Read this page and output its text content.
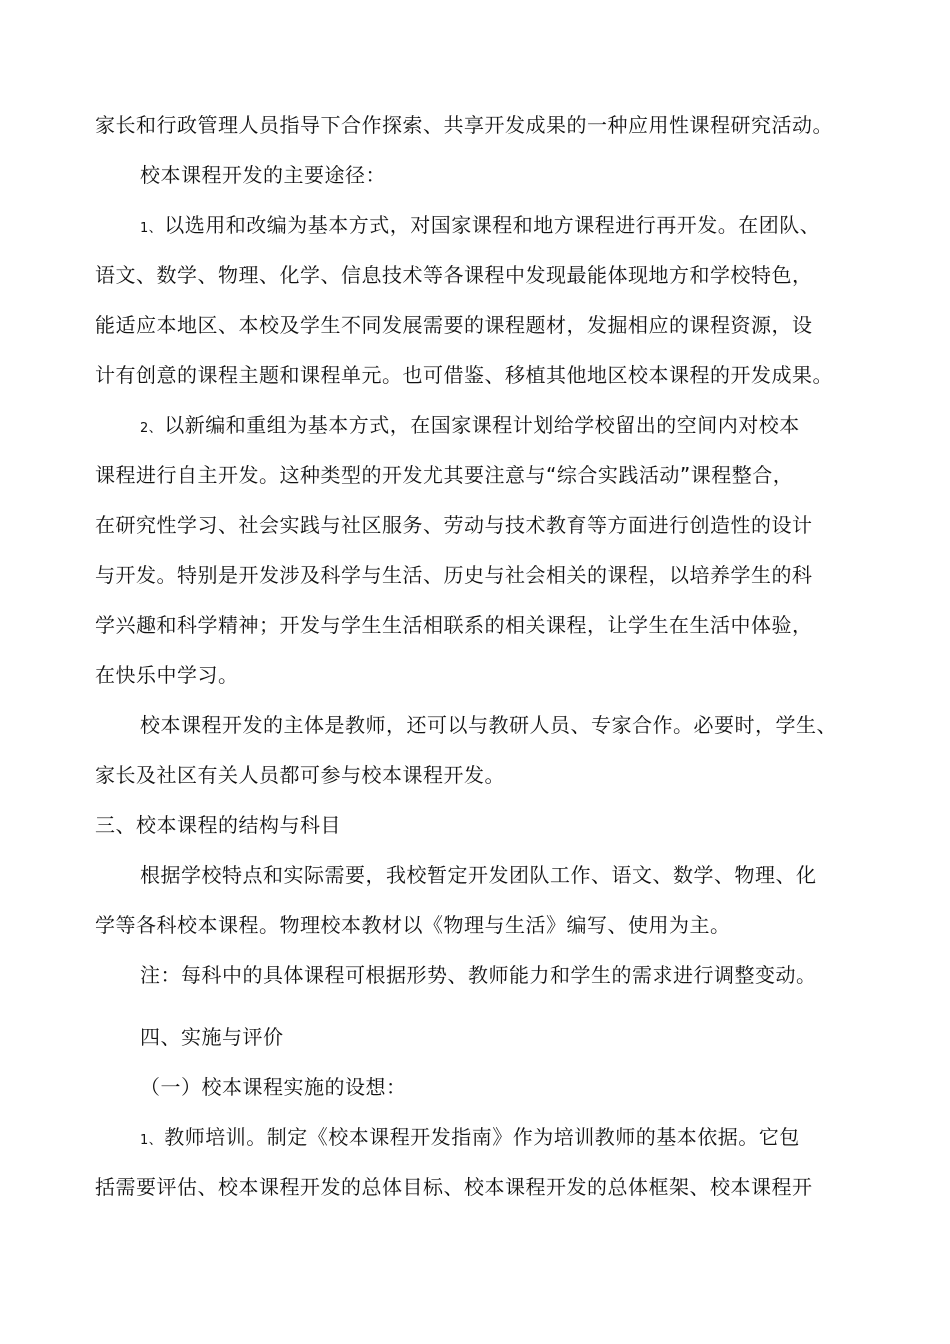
家长和行政管理人员指导下合作探索、共享开发成果的一种应用性课程研究活动。
校本课程开发的主要途径：
1、 以选用和改编为基本方式，对国家课程和地方课程进行再开发。在团队、
语文、数学、物理、化学、信息技术等各课程中发现最能体现地方和学校特色，
能适应本地区、本校及学生不同发展需要的课程题材，发掘相应的课程资源，设
计有创意的课程主题和课程单元。也可借鉴、移植其他地区校本课程的开发成果。
2、 以新编和重组为基本方式，在国家课程计划给学校留出的空间内对校本
课程进行自主开发。这种类型的开发尤其要注意与“综合实践活动”课程整合，
在研究性学习、社会实践与社区服务、劳动与技术教育等方面进行创造性的设计
与开发。特别是开发涉及科学与生活、历史与社会相关的课程，以培养学生的科
学兴趣和科学精神；开发与学生生活相联系的相关课程，让学生在生活中体验，
在快乐中学习。
校本课程开发的主体是教师，还可以与教研人员、专家合作。必要时，学生、
家长及社区有关人员都可参与校本课程开发。
三、校本课程的结构与科目
根据学校特点和实际需要，我校暂定开发团队工作、语文、数学、物理、化
学等各科校本课程。物理校本教材以《物理与生活》编写、使用为主。
注：每科中的具体课程可根据形势、教师能力和学生的需求进行调整变动。
四、实施与评价
（一）校本课程实施的设想：
1、 教师培训。制定《校本课程开发指南》作为培训教师的基本依据。它包
括需要评估、校本课程开发的总体目标、校本课程开发的总体框架、校本课程开
